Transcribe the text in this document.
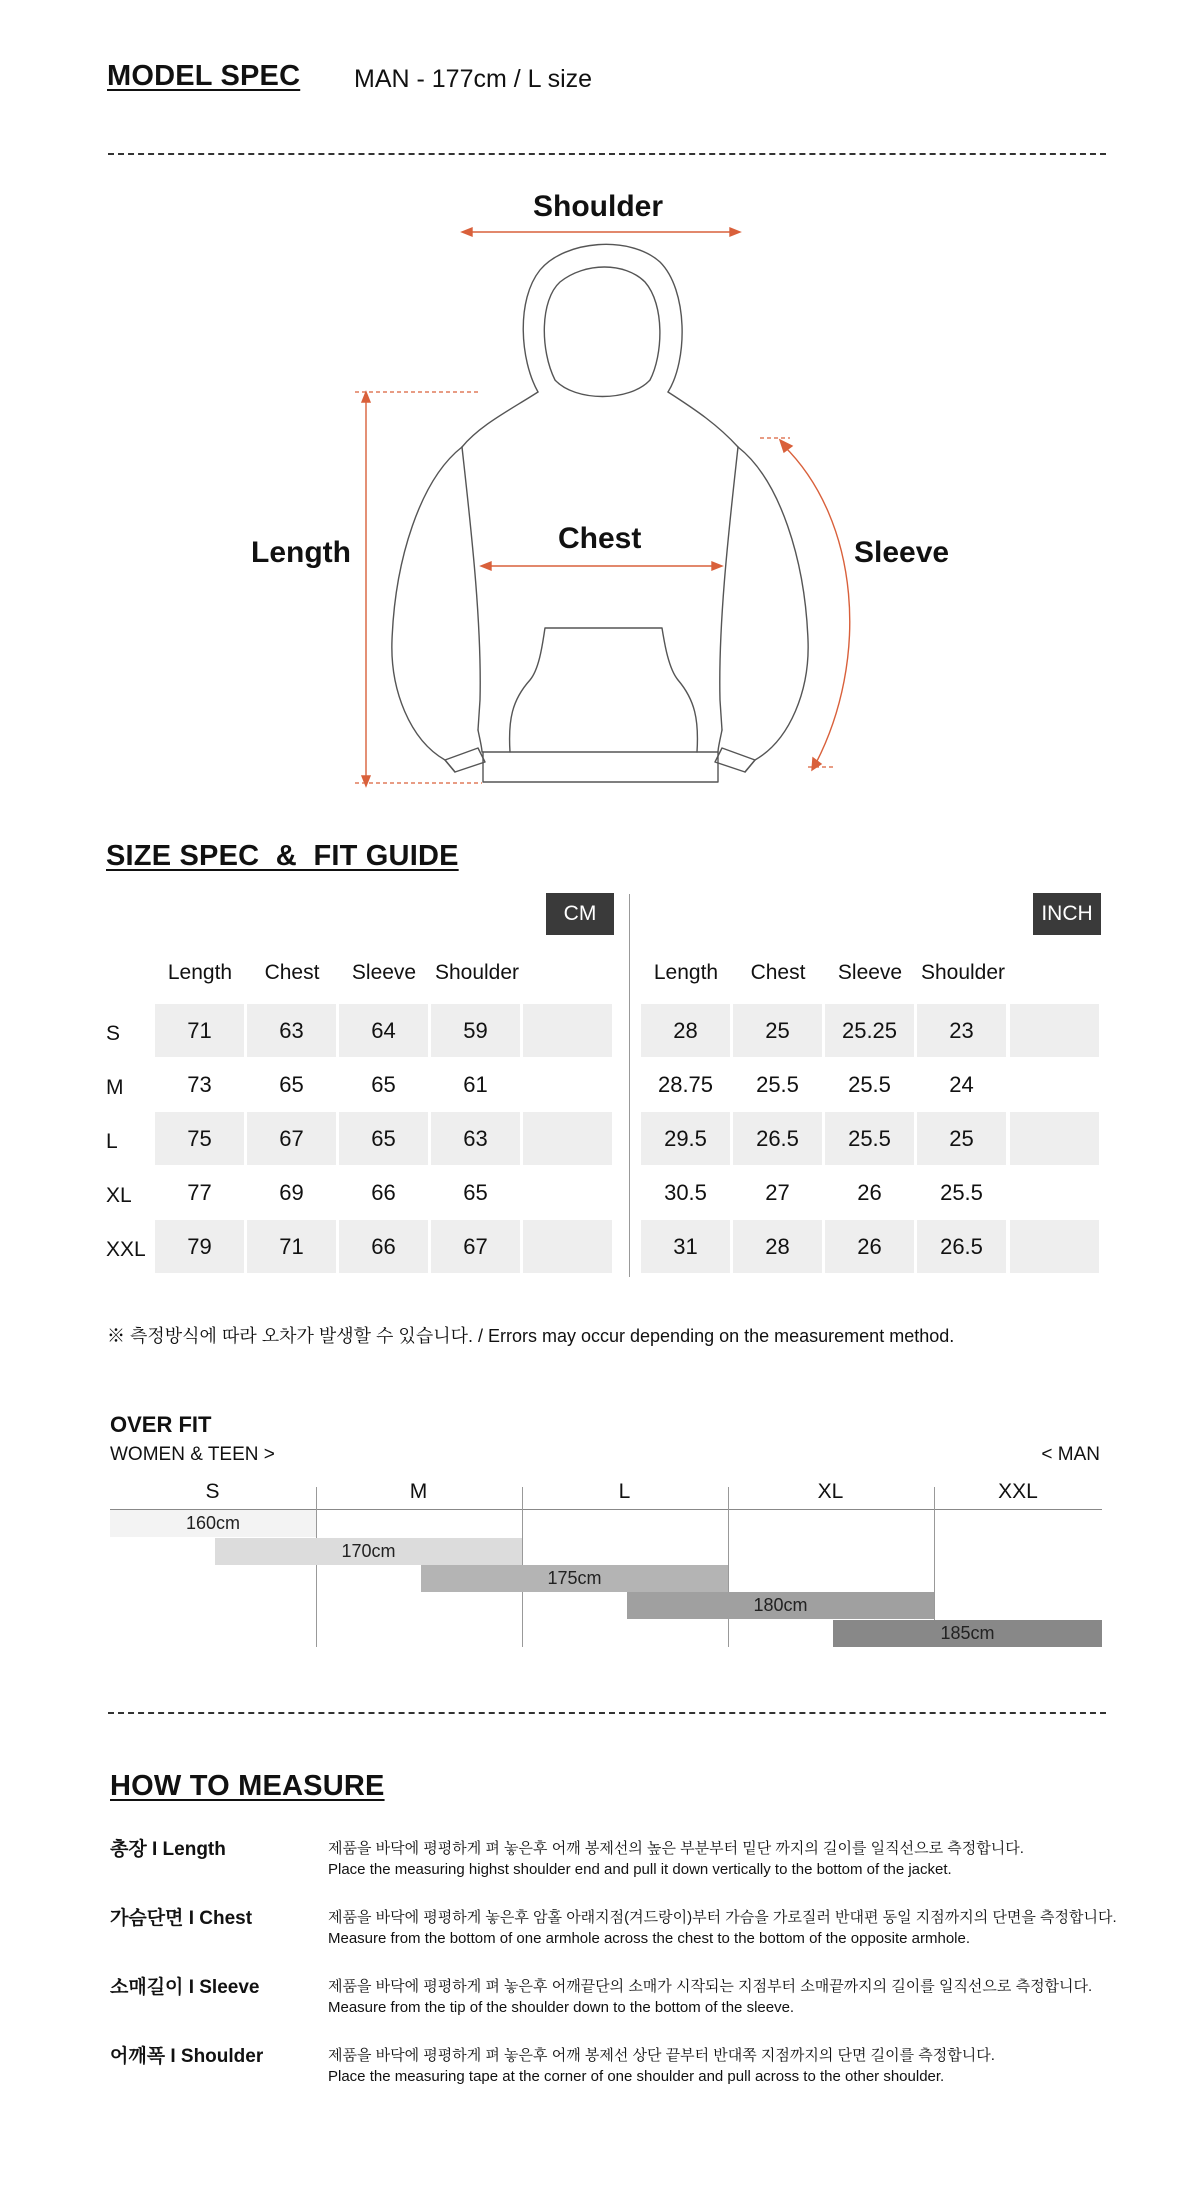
MODEL SPEC MAN - 177cm / L size
Shoulder
Length	Chest	Sleeve
SIZE SPEC  &  FIT GUIDE
CM
Length	Chest	Sleeve Shoulder
S	71	63	64	59
M	73	65	65	61
L	75	67	65	63
XL	77	69	66	65
XXL	79	71	66	67
INCH
Length	Chest	Sleeve Shoulder
28	25	25.25	23
28.75	25.5	25.5	24
29.5	26.5	25.5	25
30.5	27	26	25.5
31	28	26	26.5
※ 측정방식에 따라 오차가 발생할 수 있습니다. / Errors may occur depending on the measurement method.
OVER FIT
WOMEN & TEEN >	< MAN
S	M	L	XL	XXL
160cm
170cm
175cm
180cm
185cm
HOW TO MEASURE
총장 I Length	제품을 바닥에 평평하게 펴 놓은후 어깨 봉제선의 높은 부분부터 밑단 까지의 길이를 일직선으로 측정합니다.
Place the measuring highst shoulder end and pull it down vertically to the bottom of the jacket.
가슴단면 I Chest	제품을 바닥에 평평하게 놓은후 암홀 아래지점(겨드랑이)부터 가슴을 가로질러 반대편 동일 지점까지의 단면을 측정합니다.
Measure from the bottom of one armhole across the chest to the bottom of the opposite armhole.
소매길이 I Sleeve	제품을 바닥에 평평하게 펴 놓은후 어깨끝단의 소매가 시작되는 지점부터 소매끝까지의 길이를 일직선으로 측정합니다.
Measure from the tip of the shoulder down to the bottom of the sleeve.
어깨폭 I Shoulder	제품을 바닥에 평평하게 펴 놓은후 어깨 봉제선 상단 끝부터 반대쪽 지점까지의 단면 길이를 측정합니다.
Place the measuring tape at the corner of one shoulder and pull across to the other shoulder.
